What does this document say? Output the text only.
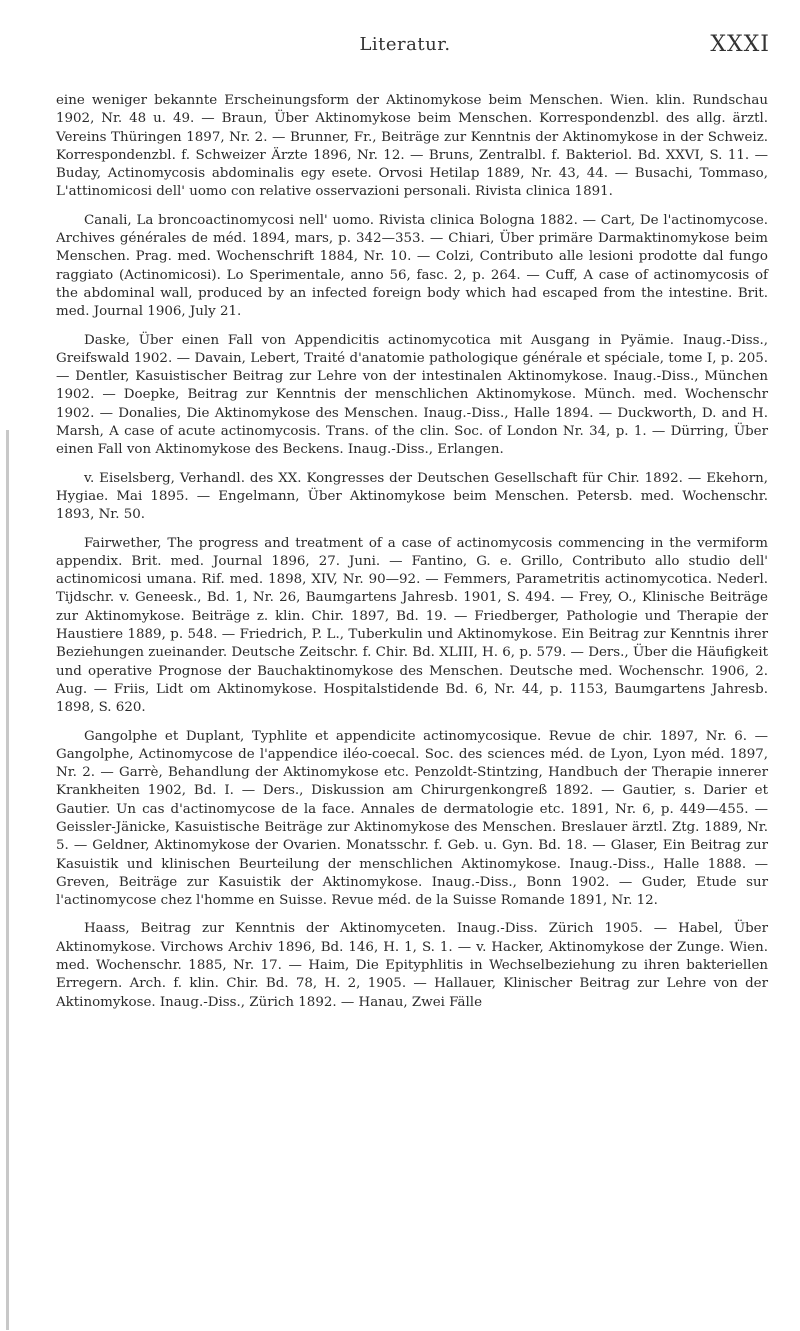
Literatur.	XXXI

eine weniger bekannte Erscheinungsform der Aktinomykose beim Menschen. Wien. klin. Rundschau 1902, Nr. 48 u. 49. — Braun, Über Aktinomykose beim Menschen. Korrespondenzbl. des allg. ärztl. Vereins Thüringen 1897, Nr. 2. — Brunner, Fr., Beiträge zur Kenntnis der Aktinomykose in der Schweiz. Korrespondenzbl. f. Schweizer Ärzte 1896, Nr. 12. — Bruns, Zentralbl. f. Bakteriol. Bd. XXVI, S. 11. — Buday, Actinomycosis abdominalis egy esete. Orvosi Hetilap 1889, Nr. 43, 44. — Busachi, Tommaso, L'attinomicosi dell' uomo con relative osservazioni personali. Rivista clinica 1891.

Canali, La broncoactinomycosi nell' uomo. Rivista clinica Bologna 1882. — Cart, De l'actinomycose. Archives générales de méd. 1894, mars, p. 342—353. — Chiari, Über primäre Darmaktinomykose beim Menschen. Prag. med. Wochenschrift 1884, Nr. 10. — Colzi, Contributo alle lesioni prodotte dal fungo raggiato (Actinomicosi). Lo Sperimentale, anno 56, fasc. 2, p. 264. — Cuff, A case of actinomycosis of the abdominal wall, produced by an infected foreign body which had escaped from the intestine. Brit. med. Journal 1906, July 21.

Daske, Über einen Fall von Appendicitis actinomycotica mit Ausgang in Pyämie. Inaug.-Diss., Greifswald 1902. — Davain, Lebert, Traité d'anatomie pathologique générale et spéciale, tome I, p. 205. — Dentler, Kasuistischer Beitrag zur Lehre von der intestinalen Aktinomykose. Inaug.-Diss., München 1902. — Doepke, Beitrag zur Kenntnis der menschlichen Aktinomykose. Münch. med. Wochenschr 1902. — Donalies, Die Aktinomykose des Menschen. Inaug.-Diss., Halle 1894. — Duckworth, D. and H. Marsh, A case of acute actinomycosis. Trans. of the clin. Soc. of London Nr. 34, p. 1. — Dürring, Über einen Fall von Aktinomykose des Beckens. Inaug.-Diss., Erlangen.

v. Eiselsberg, Verhandl. des XX. Kongresses der Deutschen Gesellschaft für Chir. 1892. — Ekehorn, Hygiae. Mai 1895. — Engelmann, Über Aktinomykose beim Menschen. Petersb. med. Wochenschr. 1893, Nr. 50.

Fairwether, The progress and treatment of a case of actinomycosis commencing in the vermiform appendix. Brit. med. Journal 1896, 27. Juni. — Fantino, G. e. Grillo, Contributo allo studio dell' actinomicosi umana. Rif. med. 1898, XIV, Nr. 90—92. — Femmers, Parametritis actinomycotica. Nederl. Tijdschr. v. Geneesk., Bd. 1, Nr. 26, Baumgartens Jahresb. 1901, S. 494. — Frey, O., Klinische Beiträge zur Aktinomykose. Beiträge z. klin. Chir. 1897, Bd. 19. — Friedberger, Pathologie und Therapie der Haustiere 1889, p. 548. — Friedrich, P. L., Tuberkulin und Aktinomykose. Ein Beitrag zur Kenntnis ihrer Beziehungen zueinander. Deutsche Zeitschr. f. Chir. Bd. XLIII, H. 6, p. 579. — Ders., Über die Häufigkeit und operative Prognose der Bauchaktinomykose des Menschen. Deutsche med. Wochenschr. 1906, 2. Aug. — Friis, Lidt om Aktinomykose. Hospitalstidende Bd. 6, Nr. 44, p. 1153, Baumgartens Jahresb. 1898, S. 620.

Gangolphe et Duplant, Typhlite et appendicite actinomycosique. Revue de chir. 1897, Nr. 6. — Gangolphe, Actinomycose de l'appendice iléo-coecal. Soc. des sciences méd. de Lyon, Lyon méd. 1897, Nr. 2. — Garrè, Behandlung der Aktinomykose etc. Penzoldt-Stintzing, Handbuch der Therapie innerer Krankheiten 1902, Bd. I. — Ders., Diskussion am Chirurgenkongreß 1892. — Gautier, s. Darier et Gautier. Un cas d'actinomycose de la face. Annales de dermatologie etc. 1891, Nr. 6, p. 449—455. — Geissler-Jänicke, Kasuistische Beiträge zur Aktinomykose des Menschen. Breslauer ärztl. Ztg. 1889, Nr. 5. — Geldner, Aktinomykose der Ovarien. Monatsschr. f. Geb. u. Gyn. Bd. 18. — Glaser, Ein Beitrag zur Kasuistik und klinischen Beurteilung der menschlichen Aktinomykose. Inaug.-Diss., Halle 1888. — Greven, Beiträge zur Kasuistik der Aktinomykose. Inaug.-Diss., Bonn 1902. — Guder, Etude sur l'actinomycose chez l'homme en Suisse. Revue méd. de la Suisse Romande 1891, Nr. 12.

Haass, Beitrag zur Kenntnis der Aktinomyceten. Inaug.-Diss. Zürich 1905. — Habel, Über Aktinomykose. Virchows Archiv 1896, Bd. 146, H. 1, S. 1. — v. Hacker, Aktinomykose der Zunge. Wien. med. Wochenschr. 1885, Nr. 17. — Haim, Die Epityphlitis in Wechselbeziehung zu ihren bakteriellen Erregern. Arch. f. klin. Chir. Bd. 78, H. 2, 1905. — Hallauer, Klinischer Beitrag zur Lehre von der Aktinomykose. Inaug.-Diss., Zürich 1892. — Hanau, Zwei Fälle
